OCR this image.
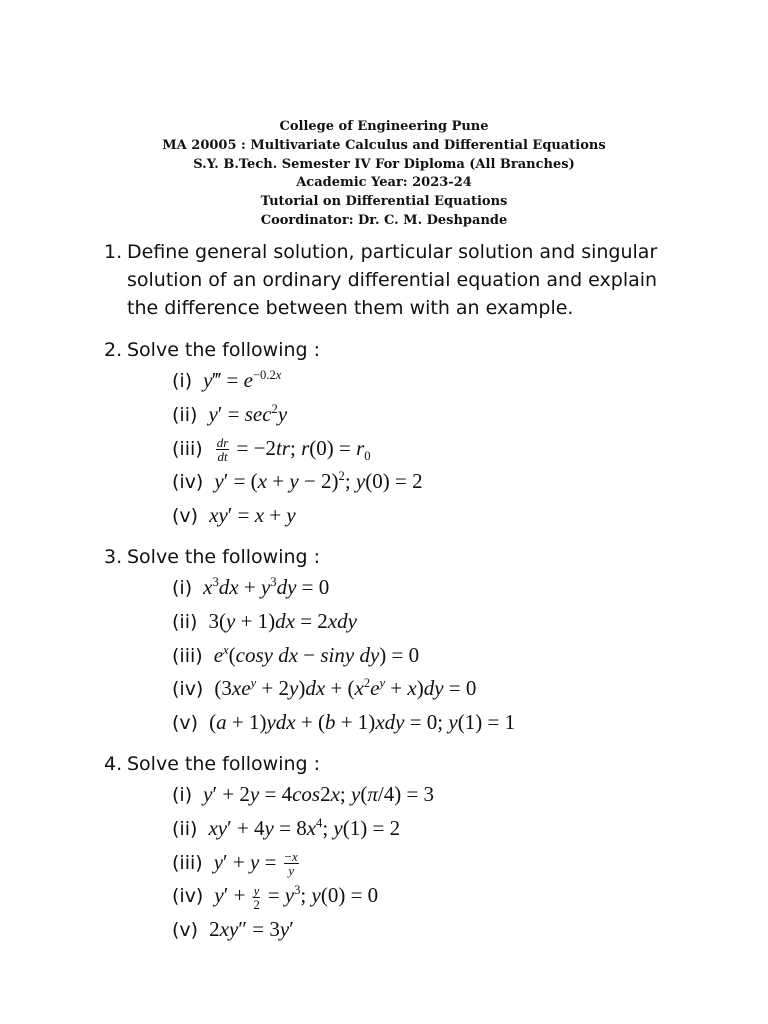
College of Engineering Pune
MA 20005 : Multivariate Calculus and Differential Equations
S.Y. B.Tech. Semester IV For Diploma (All Branches)
Academic Year: 2023-24
Tutorial on Differential Equations
Coordinator: Dr. C. M. Deshpande
1. Define general solution, particular solution and singular solution of an ordinary differential equation and explain the difference between them with an example.
2. Solve the following :
(i) y‴ = $e^{-0.2x}$
(ii) $y' = \sec^2y$
$(iii) \frac{dr}{dt} = -2tr$; $r(0) = r_0$
(iv) $y' = (x + y - 2)^2$; y(0) = 2
(v) xy′ = x + y
3. Solve the following :
(i) $x^3dx + y^3dy = 0$
(ii) 3(y + 1)dx = 2xdy
(iii) $e^x(\cos y$ dx − siny dy) = 0
(iv) $(3xe^y + 2y)dx + (x^2e^y + x)dy = 0$
(v) (a + 1)ydx + (b + 1)xdy = 0; y(1) = 1
4. Solve the following :
(i) y′ + 2y = 4cos2x; y(π/4) = 3
(ii) $xy' + 4y = 8x^4$; y(1) = 2
(iii) $y' + y = \frac{-x}{y}$
(iv) $y' + \frac{y}{2} = y^3$; y(0) = 0
(v) 2xy″ = 3y′
